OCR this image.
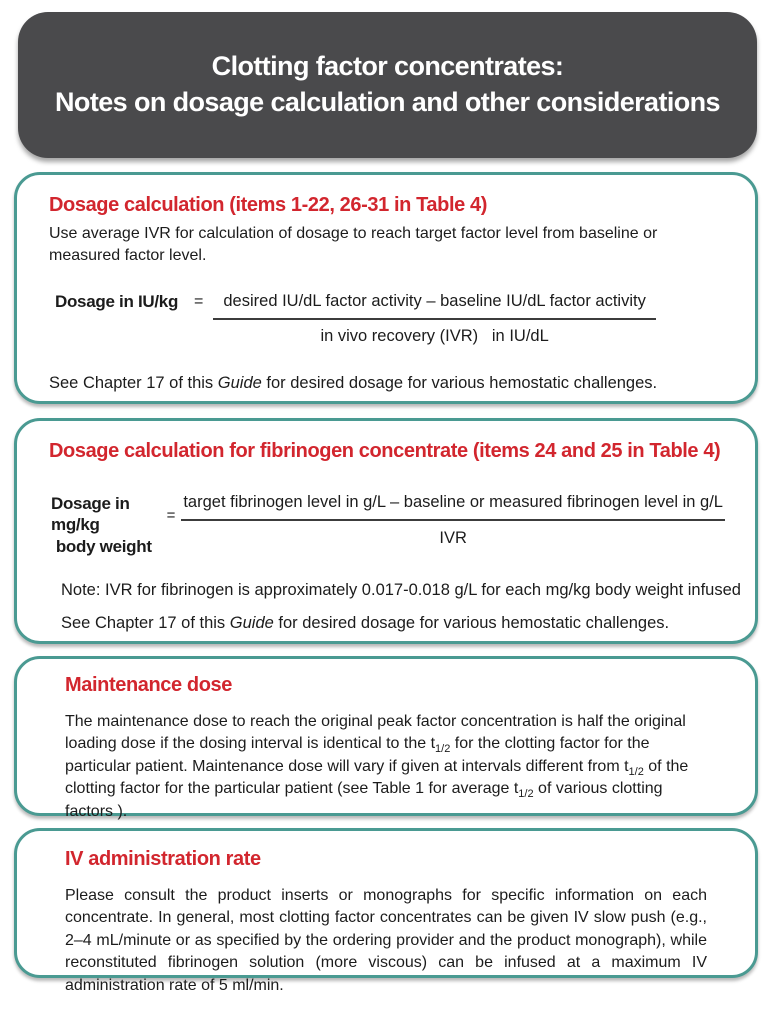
Clotting factor concentrates:
Notes on dosage calculation and other considerations
Dosage calculation (items 1-22, 26-31 in Table 4)

Use average IVR for calculation of dosage to reach target factor level from baseline or measured factor level.

Dosage in IU/kg =	desired IU/dL factor activity – baseline IU/dL factor activity
in vivo recovery (IVR)   in IU/dL

See Chapter 17 of this Guide for desired dosage for various hemostatic challenges.

Dosage calculation for fibrinogen concentrate (items 24 and 25 in Table 4)
Dosage in mg/kg
body weight
=
target fibrinogen level in g/L – baseline or measured fibrinogen level in g/L
IVR

Note: IVR for fibrinogen is approximately 0.017-0.018 g/L for each mg/kg body weight infused

See Chapter 17 of this Guide for desired dosage for various hemostatic challenges.

Maintenance dose

The maintenance dose to reach the original peak factor concentration is half the original loading dose if the dosing interval is identical to the $t_{1/2}$ for the clotting factor for the particular patient. Maintenance dose will vary if given at intervals different from $t_{1/2}$ of the clotting factor for the particular patient (see Table 1 for average $t_{1/2}$ of various clotting factors ).

IV administration rate

Please consult the product inserts or monographs for specific information on each concentrate. In general, most clotting factor concentrates can be given IV slow push (e.g., 2–4 mL/minute or as specified by the ordering provider and the product monograph), while reconstituted fibrinogen solution (more viscous) can be infused at a maximum IV administration rate of 5 ml/min.
